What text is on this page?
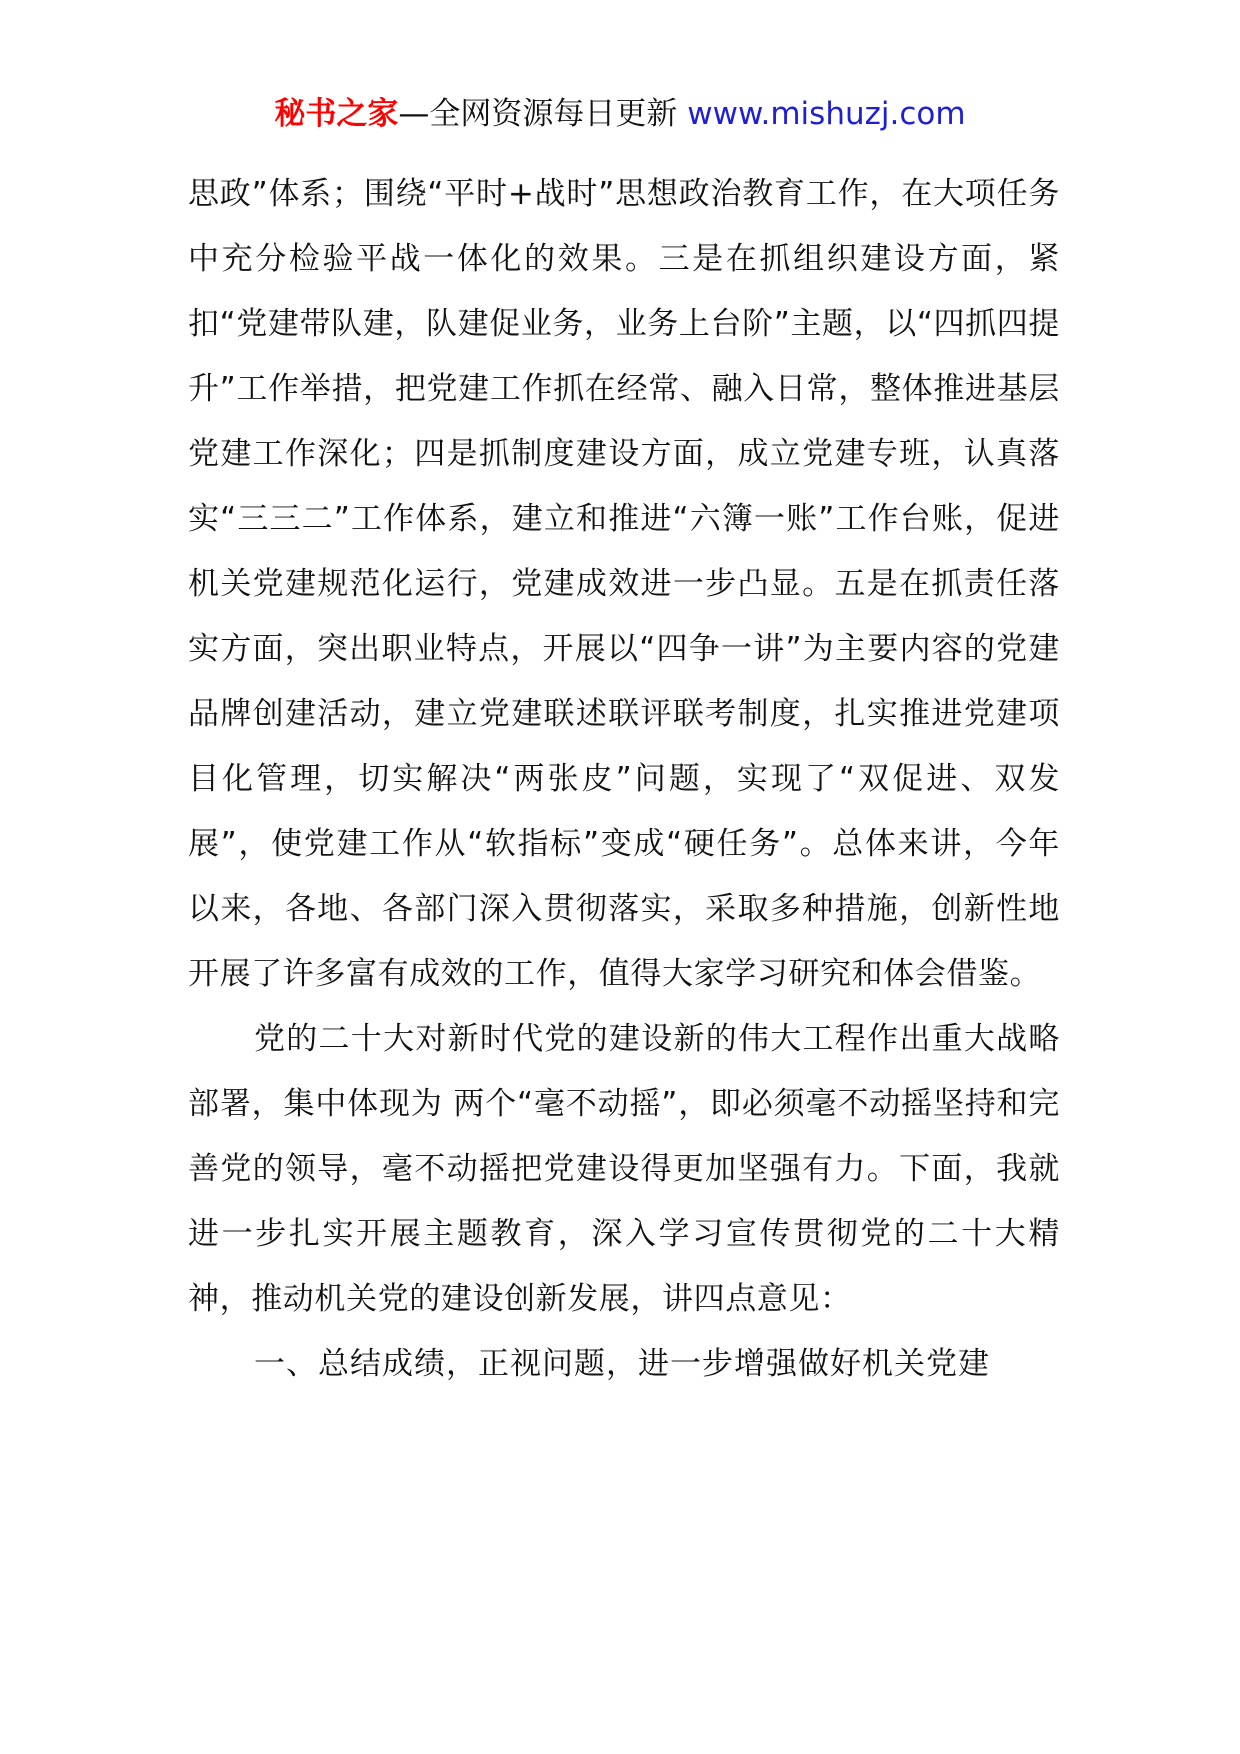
秘书之家—全网资源每日更新 www.mishuzj.com

思政”体系；围绕“平时+战时”思想政治教育工作，在大项任务中充分检验平战一体化的效果。三是在抓组织建设方面，紧扣“党建带队建，队建促业务，业务上台阶”主题，以“四抓四提升”工作举措，把党建工作抓在经常、融入日常，整体推进基层党建工作深化；四是抓制度建设方面，成立党建专班，认真落实“三三二”工作体系，建立和推进“六簿一账”工作台账，促进机关党建规范化运行，党建成效进一步凸显。五是在抓责任落实方面，突出职业特点，开展以“四争一讲”为主要内容的党建品牌创建活动，建立党建联述联评联考制度，扎实推进党建项目化管理，切实解决“两张皮”问题，实现了“双促进、双发展”，使党建工作从“软指标”变成“硬任务”。总体来讲，今年以来，各地、各部门深入贯彻落实，采取多种措施，创新性地开展了许多富有成效的工作，值得大家学习研究和体会借鉴。

党的二十大对新时代党的建设新的伟大工程作出重大战略部署，集中体现为 两个“毫不动摇”，即必须毫不动摇坚持和完善党的领导，毫不动摇把党建设得更加坚强有力。下面，我就进一步扎实开展主题教育，深入学习宣传贯彻党的二十大精神，推动机关党的建设创新发展，讲四点意见：

一、总结成绩，正视问题，进一步增强做好机关党建
